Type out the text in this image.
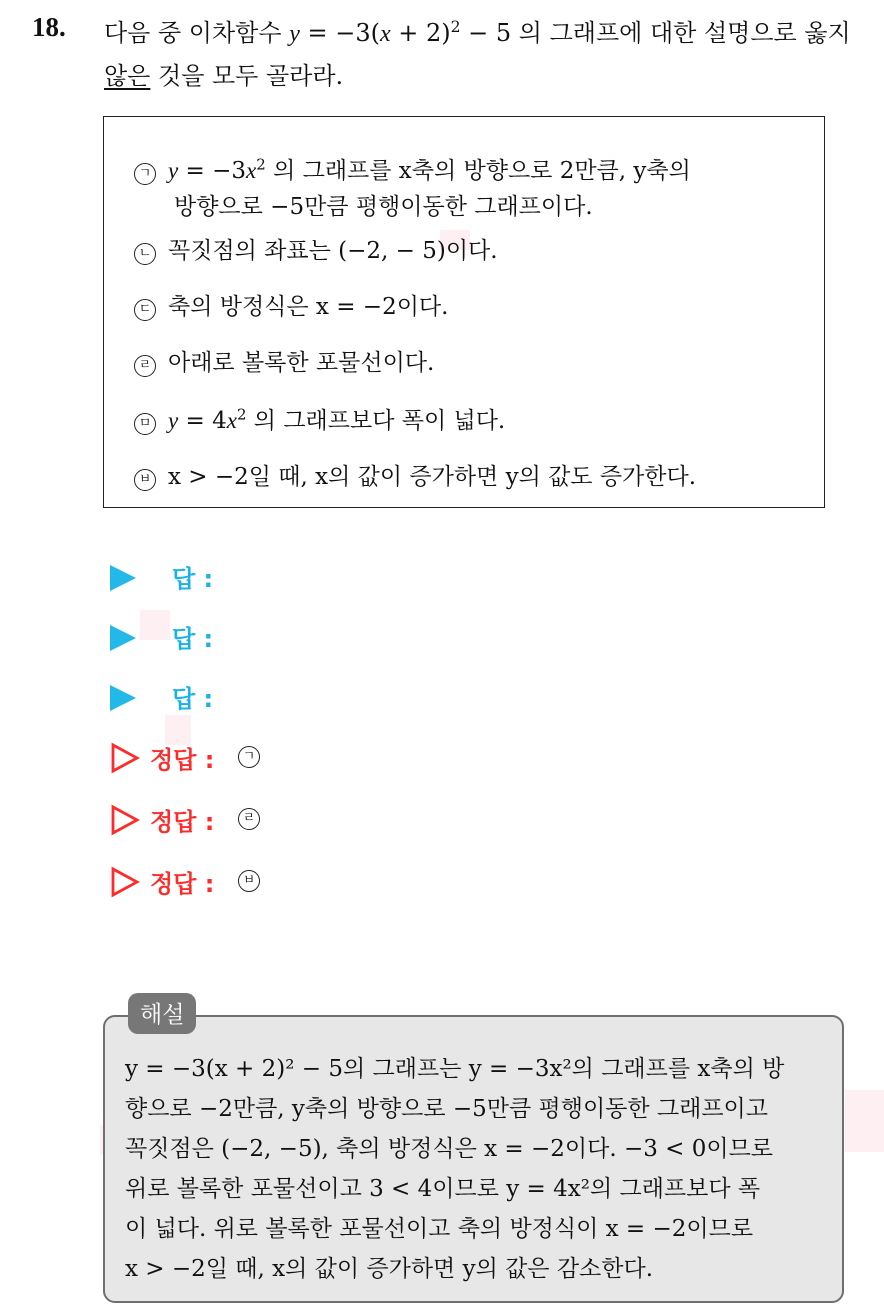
18. 다음 중 이차함수 $y = -3(x + 2)^2 - 5$ 의 그래프에 대한 설명으로 옳지
않은 것을 모두 골라라.
ㄱ $y = -3x^2$ 의 그래프를 x축의 방향으로 2만큼, y축의
방향으로 −5만큼 평행이동한 그래프이다.
ㄴ 꼭짓점의 좌표는 (−2, − 5)이다.
ㄷ 축의 방정식은 x = −2이다.
ㄹ 아래로 볼록한 포물선이다.
ㅁ $y = 4x^2$ 의 그래프보다 폭이 넓다.
ㅂ x > −2일 때, x의 값이 증가하면 y의 값도 증가한다.
답 :
답 :
답 :
정답 :	ㄱ
정답 :	ㄹ
정답 :	ㅂ
y = −3(x + 2)² − 5의 그래프는 y = −3x²의 그래프를 x축의 방
향으로 −2만큼, y축의 방향으로 −5만큼 평행이동한 그래프이고
꼭짓점은 (−2, −5), 축의 방정식은 x = −2이다. −3 < 0이므로
위로 볼록한 포물선이고 3 < 4이므로 y = 4x²의 그래프보다 폭
이 넓다. 위로 볼록한 포물선이고 축의 방정식이 x = −2이므로
x > −2일 때, x의 값이 증가하면 y의 값은 감소한다.
해설
